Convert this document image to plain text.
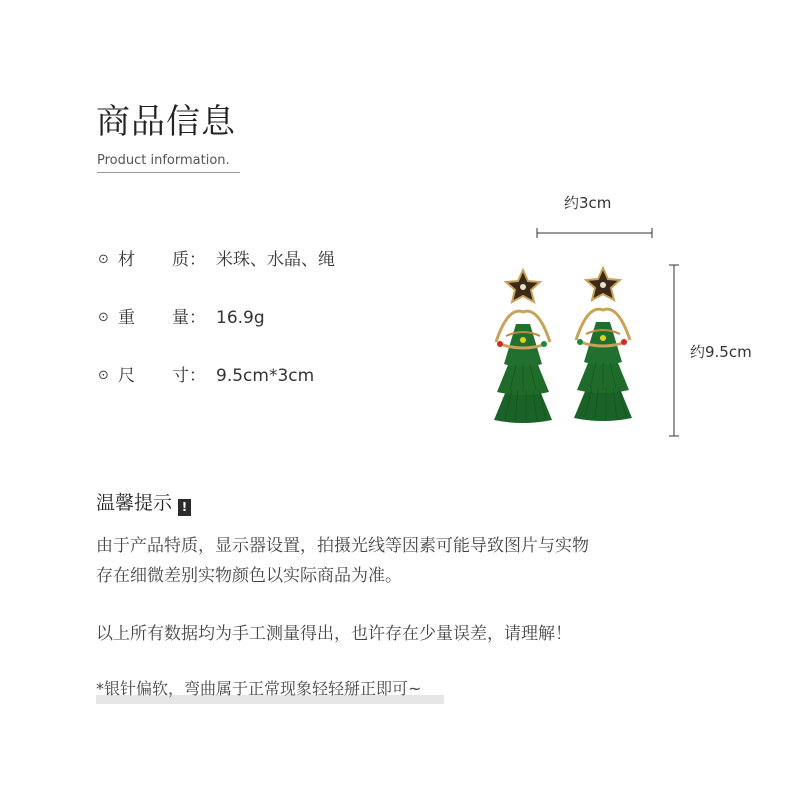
商品信息
Product information.
⊙ 材 质： 米珠、水晶、绳
⊙ 重 量： 16.9g
⊙ 尺 寸： 9.5cm*3cm
约3cm
约9.5cm
温馨提示 !
由于产品特质，显示器设置，拍摄光线等因素可能导致图片与实物
存在细微差别实物颜色以实际商品为准。
以上所有数据均为手工测量得出，也许存在少量误差，请理解！
*银针偏软，弯曲属于正常现象轻轻掰正即可~
